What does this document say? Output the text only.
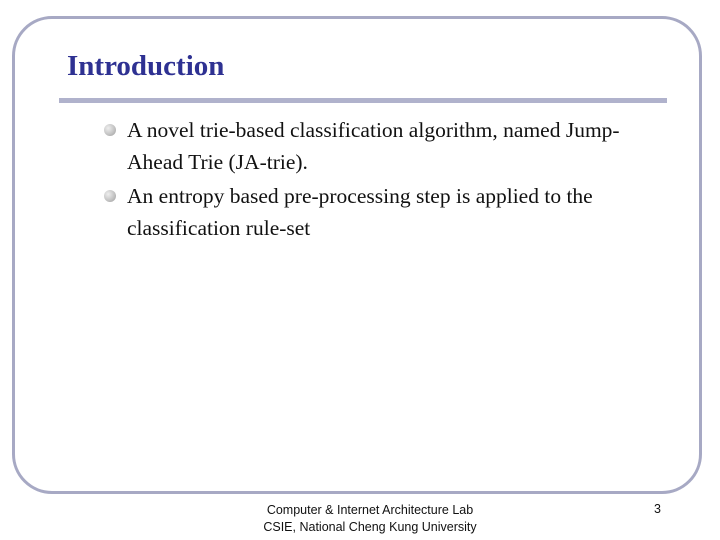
Introduction
A novel trie-based classification algorithm, named Jump-Ahead Trie (JA-trie).
An entropy based pre-processing step is applied to the classification rule-set
Computer & Internet Architecture Lab
CSIE, National Cheng Kung University
3
